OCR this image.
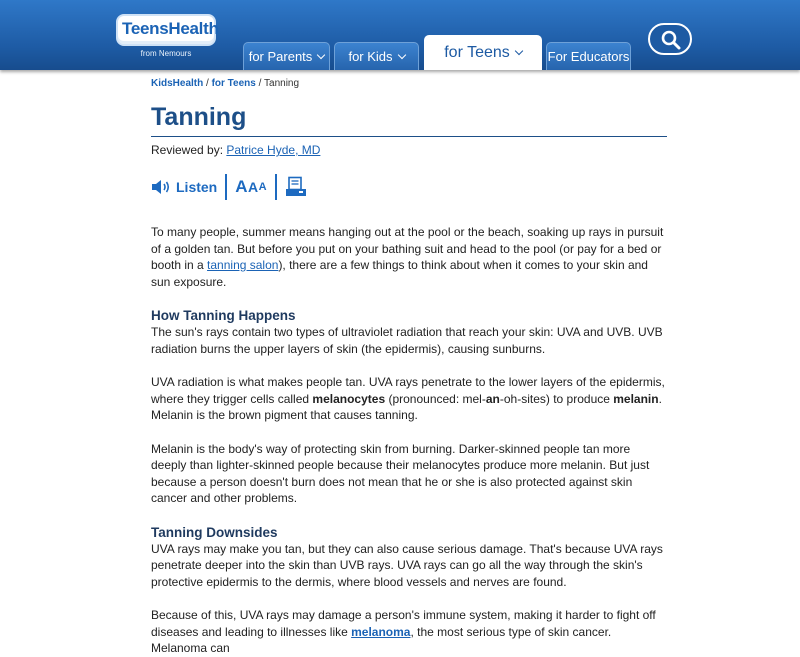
TeensHealth
from Nemours	for Parents	for Kids	for Teens	For Educators
KidsHealth / for Teens / Tanning
Tanning
Reviewed by: Patrice Hyde, MD
Listen A A A

To many people, summer means hanging out at the pool or the beach, soaking up rays in pursuit of a golden tan. But before you put on your bathing suit and head to the pool (or pay for a bed or booth in a tanning salon), there are a few things to think about when it comes to your skin and sun exposure.

How Tanning Happens

The sun's rays contain two types of ultraviolet radiation that reach your skin: UVA and UVB. UVB radiation burns the upper layers of skin (the epidermis), causing sunburns.

UVA radiation is what makes people tan. UVA rays penetrate to the lower layers of the epidermis, where they trigger cells called melanocytes (pronounced: mel-an-oh-sites) to produce melanin. Melanin is the brown pigment that causes tanning.

Melanin is the body's way of protecting skin from burning. Darker-skinned people tan more deeply than lighter-skinned people because their melanocytes produce more melanin. But just because a person doesn't burn does not mean that he or she is also protected against skin cancer and other problems.

Tanning Downsides

UVA rays may make you tan, but they can also cause serious damage. That's because UVA rays penetrate deeper into the skin than UVB rays. UVA rays can go all the way through the skin's protective epidermis to the dermis, where blood vessels and nerves are found.

Because of this, UVA rays may damage a person's immune system, making it harder to fight off diseases and leading to illnesses like melanoma, the most serious type of skin cancer. Melanoma can
